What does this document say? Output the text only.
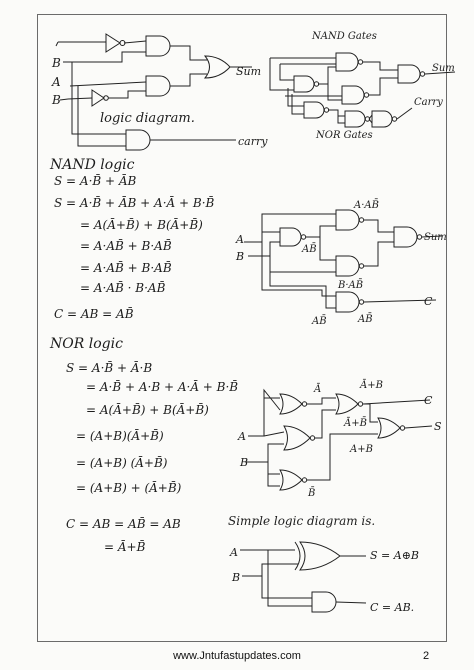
B
A
B
Sum
carry
logic diagram.
NAND logic
S = A·B̄ + ĀB
S = A·B̄ + ĀB + A·Ā + B·B̄
= A(Ā+B̄) + B(Ā+B̄)
= A·AB̄ + B·AB̄
= A·AB̄ + B·AB̄
= A·AB̄ · B·AB̄
C = AB = AB̄
NOR logic
S = A·B̄ + Ā·B
= A·B̄ + A·B + A·Ā + B·B̄
= A(Ā+B̄) + B(Ā+B̄)
= (A+B)(Ā+B̄)
= (A+B) (Ā+B̄)
= (A+B) + (Ā+B̄)
C = AB = AB̄ = AB
= Ā+B̄
NAND Gates
Sum
Carry
NOR Gates
A
B
A·AB̄
AB̄
B·AB̄
AB̄	AB̄
Sum
C
A
B
Ā	Ā+B
Ā+B̄
A+B
B̄
C
S
Simple logic diagram is.
A
B
S = A⊕B
C = AB.
www.Jntufastupdates.com	2
